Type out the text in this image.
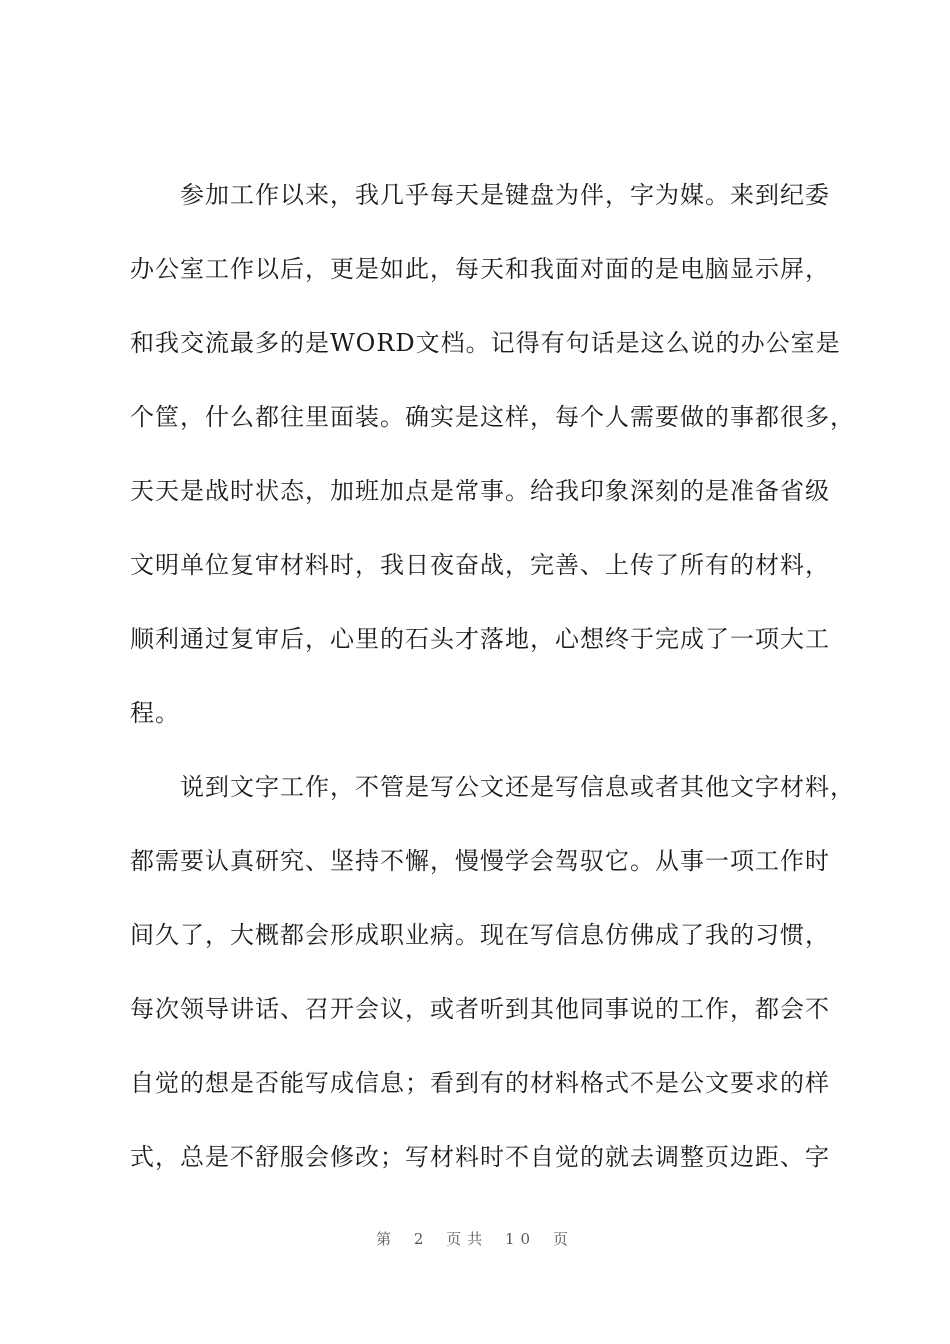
参加工作以来，我几乎每天是键盘为伴，字为媒。来到纪委
办公室工作以后，更是如此，每天和我面对面的是电脑显示屏，
和我交流最多的是WORD文档。记得有句话是这么说的办公室是
个筐，什么都往里面装。确实是这样，每个人需要做的事都很多，
天天是战时状态，加班加点是常事。给我印象深刻的是准备省级
文明单位复审材料时，我日夜奋战，完善、上传了所有的材料，
顺利通过复审后，心里的石头才落地，心想终于完成了一项大工
程。
说到文字工作，不管是写公文还是写信息或者其他文字材料，
都需要认真研究、坚持不懈，慢慢学会驾驭它。从事一项工作时
间久了，大概都会形成职业病。现在写信息仿佛成了我的习惯，
每次领导讲话、召开会议，或者听到其他同事说的工作，都会不
自觉的想是否能写成信息；看到有的材料格式不是公文要求的样
式，总是不舒服会修改；写材料时不自觉的就去调整页边距、字
第 2 页共 10 页
